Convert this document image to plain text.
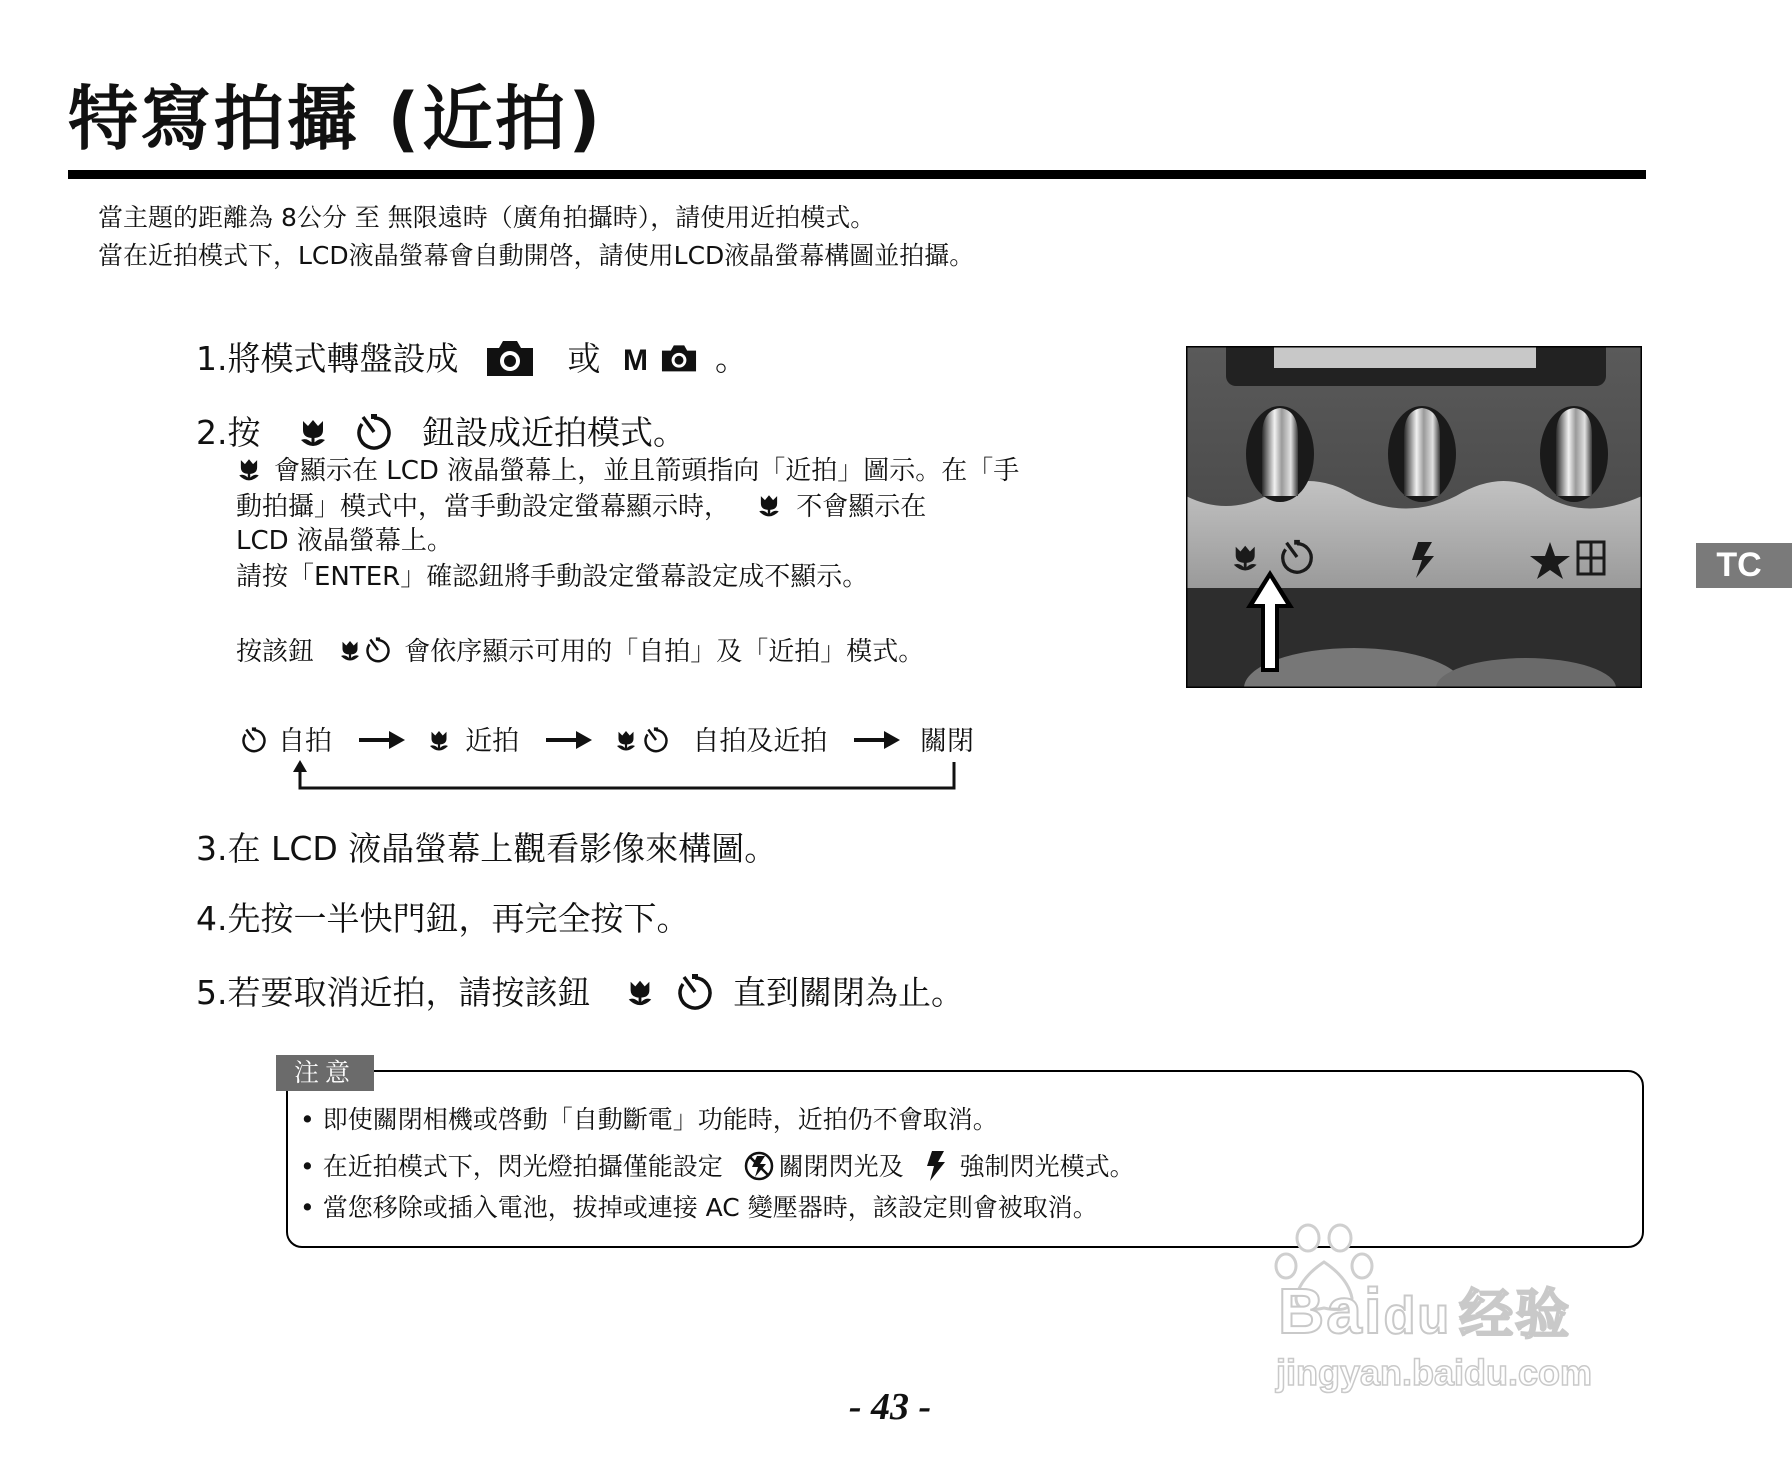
特寫拍攝 (近拍)
當主題的距離為 8公分 至 無限遠時（廣角拍攝時），請使用近拍模式。
當在近拍模式下，LCD液晶螢幕會自動開啓，請使用LCD液晶螢幕構圖並拍攝。
1.將模式轉盤設成	或 M 。
2.按	鈕設成近拍模式。
會顯示在 LCD 液晶螢幕上，並且箭頭指向「近拍」圖示。在「手
動拍攝」模式中，當手動設定螢幕顯示時，	不會顯示在
LCD 液晶螢幕上。
請按「ENTER」確認鈕將手動設定螢幕設定成不顯示。
按該鈕	會依序顯示可用的「自拍」及「近拍」模式。
自拍	近拍	自拍及近拍	關閉
3.在 LCD 液晶螢幕上觀看影像來構圖。
4.先按一半快門鈕，再完全按下。
5.若要取消近拍，請按該鈕	直到關閉為止。
TC
注意
• 即使關閉相機或啓動「自動斷電」功能時，近拍仍不會取消。
• 在近拍模式下，閃光燈拍攝僅能設定 關閉閃光及 強制閃光模式。
• 當您移除或插入電池，拔掉或連接 AC 變壓器時，該設定則會被取消。
Baidu 经验
jingyan.baidu.com
- 43 -
